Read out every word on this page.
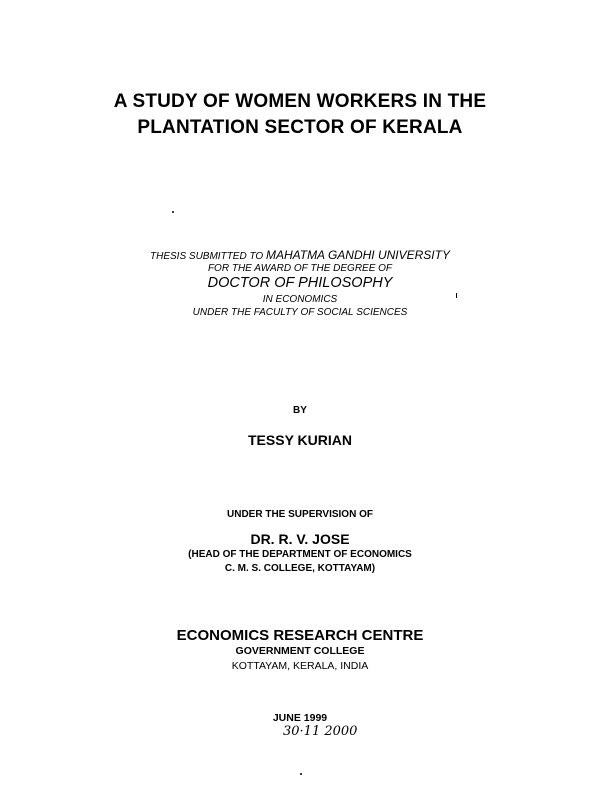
A STUDY OF WOMEN WORKERS IN THE
PLANTATION SECTOR OF KERALA
THESIS SUBMITTED TO MAHATMA GANDHI UNIVERSITY
FOR THE AWARD OF THE DEGREE OF
DOCTOR OF PHILOSOPHY
IN ECONOMICS
UNDER THE FACULTY OF SOCIAL SCIENCES
BY
TESSY KURIAN
UNDER THE SUPERVISION OF
DR. R. V. JOSE
(HEAD OF THE DEPARTMENT OF ECONOMICS
C. M. S. COLLEGE, KOTTAYAM)
ECONOMICS RESEARCH CENTRE
GOVERNMENT COLLEGE
KOTTAYAM, KERALA, INDIA
JUNE 1999
30·11 2000
